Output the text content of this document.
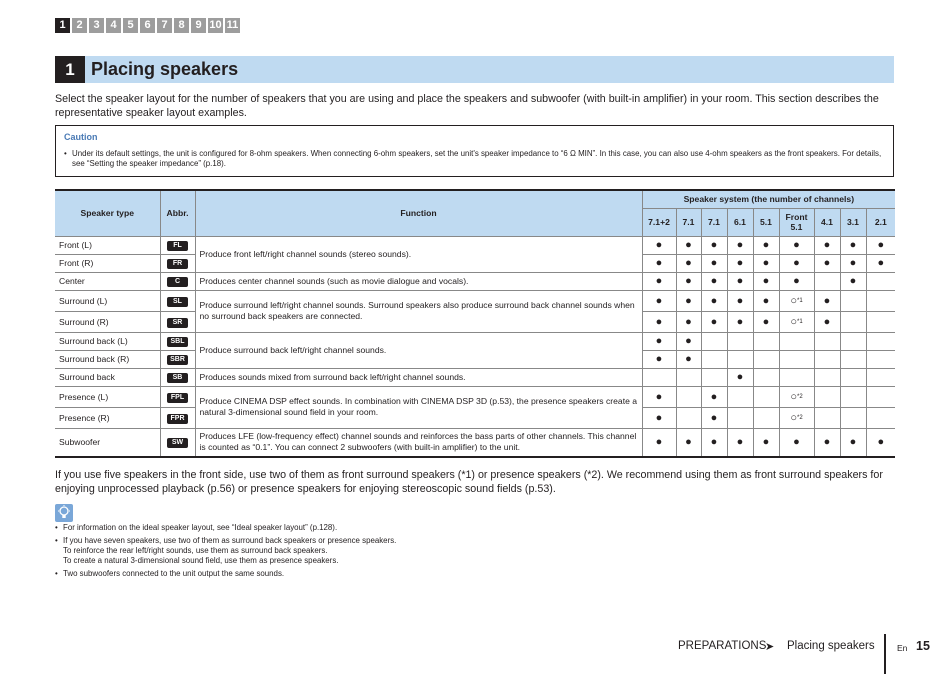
1 2 3 4 5 6 7 8 9 10 11
1 Placing speakers
Select the speaker layout for the number of speakers that you are using and place the speakers and subwoofer (with built-in amplifier) in your room. This section describes the representative speaker layout examples.
Caution
• Under its default settings, the unit is configured for 8-ohm speakers. When connecting 6-ohm speakers, set the unit's speaker impedance to “6 Ω MIN”. In this case, you can also use 4-ohm speakers as the front speakers. For details, see “Setting the speaker impedance” (p.18).
Speaker type	Abbr.	Function	Speaker system (the number of channels)								
			7.1+2	7.1	7.1	6.1	5.1	Front 5.1	4.1	3.1	2.1
Front (L)	FL	Produce front left/right channel sounds (stereo sounds).	●	●	●	●	●	●	●	●	●
Front (R)	FR		●	●	●	●	●	●	●	●	●
Center	C	Produces center channel sounds (such as movie dialogue and vocals).	●	●	●	●	●	●		●	
Surround (L)	SL	Produce surround left/right channel sounds. Surround speakers also produce surround back channel sounds when no surround back speakers are connected.	●	●	●	●	●	○$^{*1}$	●		
Surround (R)	SR		●	●	●	●	●	○$^{*1}$	●		
Surround back (L)	SBL	Produce surround back left/right channel sounds.	●	●							
Surround back (R)	SBR		●	●							
Surround back	SB	Produces sounds mixed from surround back left/right channel sounds.				●					
Presence (L)	FPL	Produce CINEMA DSP effect sounds. In combination with CINEMA DSP 3D (p.53), the presence speakers create a natural 3-dimensional sound field in your room.	●		●			○$^{*2}$			
Presence (R)	FPR		●		●			○$^{*2}$			
Subwoofer	SW	Produces LFE (low-frequency effect) channel sounds and reinforces the bass parts of other channels. This channel is counted as “0.1”. You can connect 2 subwoofers (with built-in amplifier) to the unit.	●	●	●	●	●	●	●	●	●
If you use five speakers in the front side, use two of them as front surround speakers (*1) or presence speakers (*2). We recommend using them as front surround speakers for enjoying unprocessed playback (p.56) or presence speakers for enjoying stereoscopic sound fields (p.53).
• For information on the ideal speaker layout, see “Ideal speaker layout” (p.128).
• If you have seven speakers, use two of them as surround back speakers or presence speakers.
To reinforce the rear left/right sounds, use them as surround back speakers.
To create a natural 3-dimensional sound field, use them as presence speakers.
• Two subwoofers connected to the unit output the same sounds.
PREPARATIONS
➤ Placing speakers	En 15
